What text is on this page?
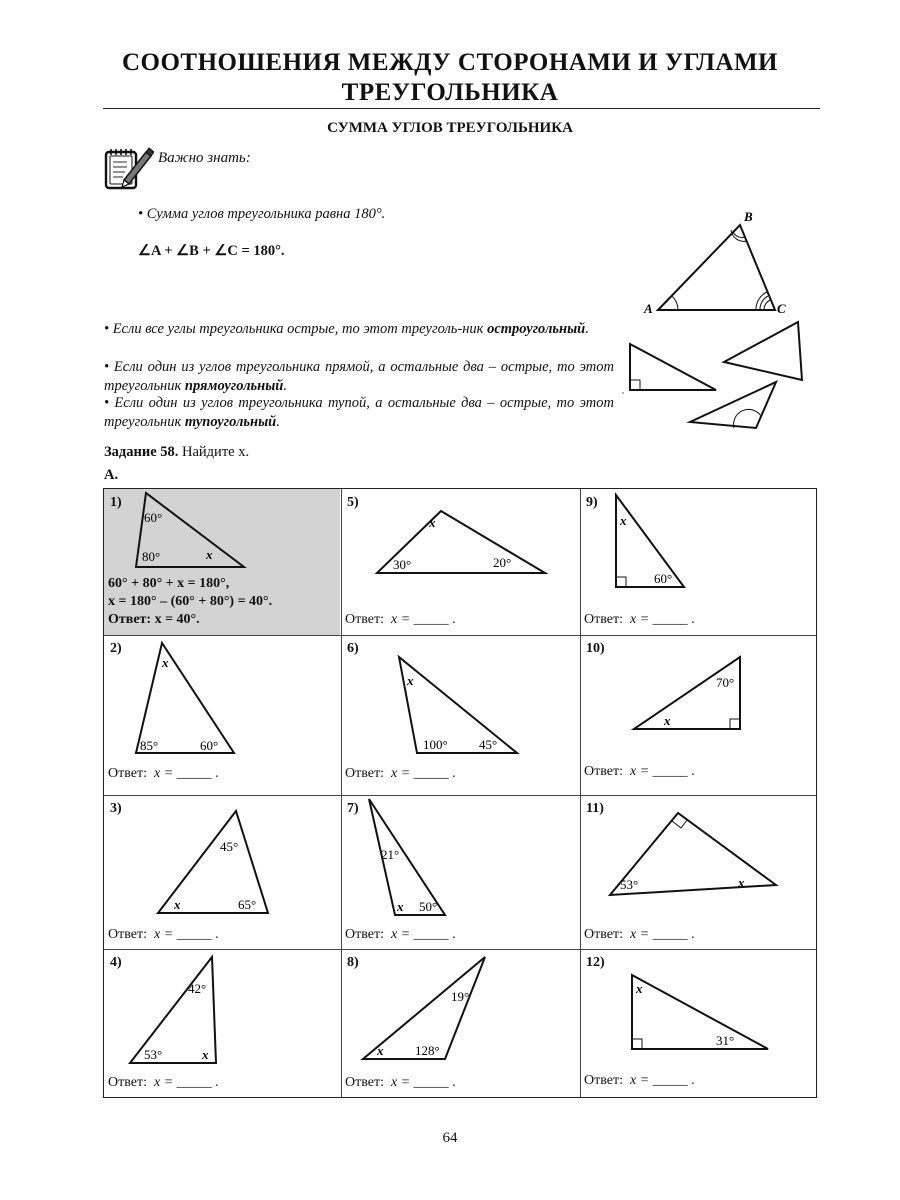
СООТНОШЕНИЯ МЕЖДУ СТОРОНАМИ И УГЛАМИ
ТРЕУГОЛЬНИКА
СУММА УГЛОВ ТРЕУГОЛЬНИКА
Важно знать:
• Сумма углов треугольника равна 180°.
∠A + ∠B + ∠C = 180°.
A
B
C
• Если все углы треугольника острые, то этот треуголь-ник остроугольный.
• Если один из углов треугольника прямой, а остальные два – острые, то этот треугольник прямоугольный.
• Если один из углов треугольника тупой, а остальные два – острые, то этот треугольник тупоугольный.
Задание 58. Найдите x.
А.
1)
60°
80°	x
60° + 80° + x = 180°,
x = 180° – (60° + 80°) = 40°.
Ответ: x = 40°.
2)
x
85°	60°
Ответ: x = _____ .
3)
45°
x	65°
Ответ: x = _____ .
4)
42°
53°	x
Ответ: x = _____ .
5)
x
30°	20°
Ответ: x = _____ .
6)
x
100° 45°
Ответ: x = _____ .
7)
21°
x 50°
Ответ: x = _____ .
8)
19°
x 128°
Ответ: x = _____ .
9)
x
60°
Ответ: x = _____ .
10)
70°
x
Ответ: x = _____ .
11)
53°	x
Ответ: x = _____ .
12)
x
31°
Ответ: x = _____ .
64
